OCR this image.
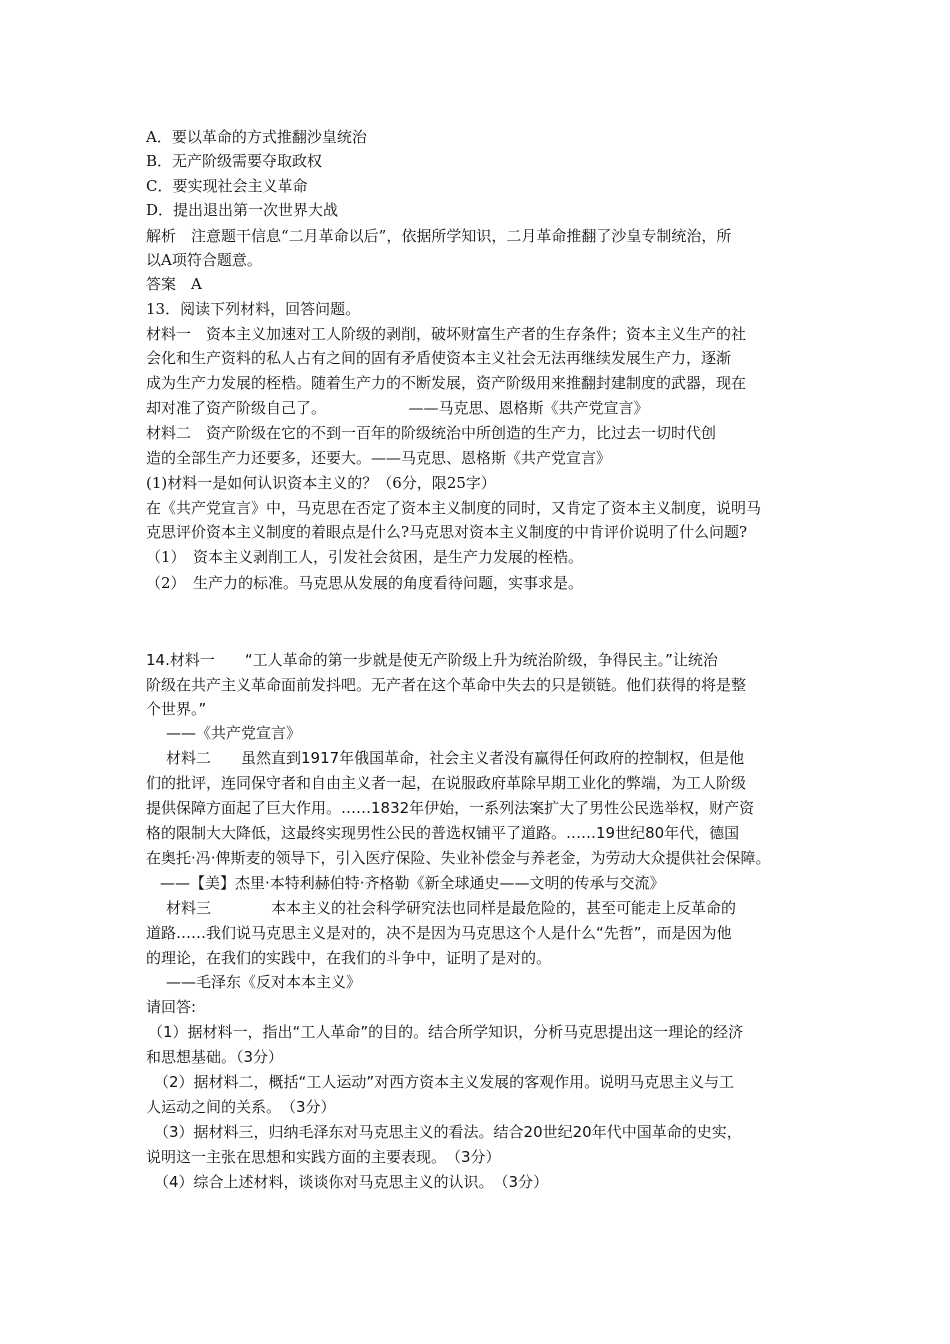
A．要以革命的方式推翻沙皇统治
B．无产阶级需要夺取政权
C．要实现社会主义革命
D．提出退出第一次世界大战
解析　注意题干信息“二月革命以后”，依据所学知识，二月革命推翻了沙皇专制统治，所
以A项符合题意。
答案　A
13．阅读下列材料，回答问题。
材料一　资本主义加速对工人阶级的剥削，破坏财富生产者的生存条件；资本主义生产的社
会化和生产资料的私人占有之间的固有矛盾使资本主义社会无法再继续发展生产力，逐渐
成为生产力发展的桎梏。随着生产力的不断发展，资产阶级用来推翻封建制度的武器，现在
却对准了资产阶级自己了。　　　　　　——马克思、恩格斯《共产党宣言》
材料二　资产阶级在它的不到一百年的阶级统治中所创造的生产力，比过去一切时代创
造的全部生产力还要多，还要大。——马克思、恩格斯《共产党宣言》
(1)材料一是如何认识资本主义的？（6分，限25字）
在《共产党宣言》中，马克思在否定了资本主义制度的同时，又肯定了资本主义制度，说明马
克思评价资本主义制度的着眼点是什么?马克思对资本主义制度的中肯评价说明了什么问题?
（1）　资本主义剥削工人，引发社会贫困，是生产力发展的桎梏。
（2）　生产力的标准。马克思从发展的角度看待问题，实事求是。
14.材料一　　“工人革命的第一步就是使无产阶级上升为统治阶级，争得民主。”让统治
阶级在共产主义革命面前发抖吧。无产者在这个革命中失去的只是锁链。他们获得的将是整
个世界。”
——《共产党宣言》
材料二　　虽然直到1917年俄国革命，社会主义者没有赢得任何政府的控制权，但是他
们的批评，连同保守者和自由主义者一起，在说服政府革除早期工业化的弊端，为工人阶级
提供保障方面起了巨大作用。……1832年伊始，一系列法案扩大了男性公民选举权，财产资
格的限制大大降低，这最终实现男性公民的普选权铺平了道路。……19世纪80年代，德国
在奥托·冯·俾斯麦的领导下，引入医疗保险、失业补偿金与养老金，为劳动大众提供社会保障。
——【美】杰里·本特利赫伯特·齐格勒《新全球通史——文明的传承与交流》
材料三　　　　本本主义的社会科学研究法也同样是最危险的，甚至可能走上反革命的
道路……我们说马克思主义是对的，决不是因为马克思这个人是什么“先哲”，而是因为他
的理论，在我们的实践中，在我们的斗争中，证明了是对的。
——毛泽东《反对本本主义》
请回答:
（1）据材料一，指出“工人革命”的目的。结合所学知识，分析马克思提出这一理论的经济
和思想基础。（3分）
（2）据材料二，概括“工人运动”对西方资本主义发展的客观作用。说明马克思主义与工
人运动之间的关系。　（3分）
（3）据材料三，归纳毛泽东对马克思主义的看法。结合20世纪20年代中国革命的史实，
说明这一主张在思想和实践方面的主要表现。　（3分）
（4）综合上述材料，谈谈你对马克思主义的认识。　（3分）
